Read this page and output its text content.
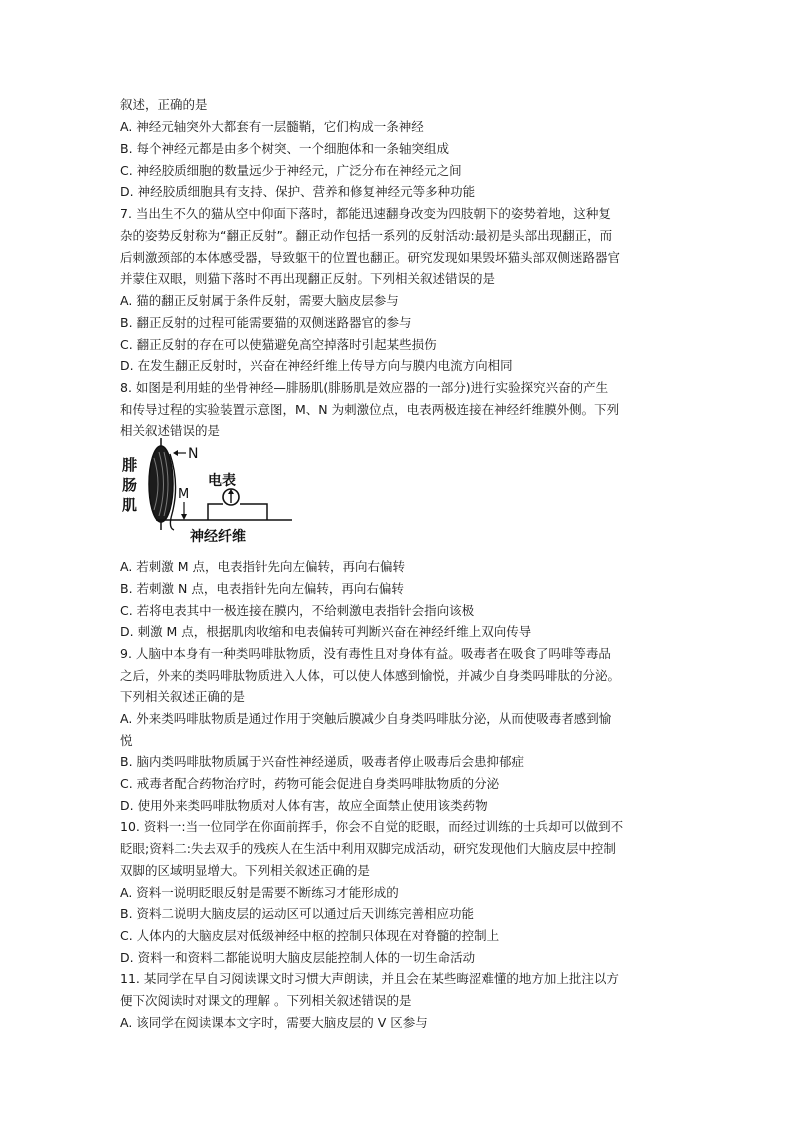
叙述，正确的是
A. 神经元轴突外大都套有一层髓鞘，它们构成一条神经
B. 每个神经元都是由多个树突、一个细胞体和一条轴突组成
C. 神经胶质细胞的数量远少于神经元，广泛分布在神经元之间
D. 神经胶质细胞具有支持、保护、营养和修复神经元等多种功能
7. 当出生不久的猫从空中仰面下落时，都能迅速翻身改变为四肢朝下的姿势着地，这种复
杂的姿势反射称为“翻正反射”。翻正动作包括一系列的反射活动:最初是头部出现翻正，而
后刺激颈部的本体感受器，导致躯干的位置也翻正。研究发现如果毁坏猫头部双侧迷路器官
并蒙住双眼，则猫下落时不再出现翻正反射。下列相关叙述错误的是
A. 猫的翻正反射属于条件反射，需要大脑皮层参与
B. 翻正反射的过程可能需要猫的双侧迷路器官的参与
C. 翻正反射的存在可以使猫避免高空掉落时引起某些损伤
D. 在发生翻正反射时，兴奋在神经纤维上传导方向与膜内电流方向相同
8. 如图是利用蛙的坐骨神经—腓肠肌(腓肠肌是效应器的一部分)进行实验探究兴奋的产生
和传导过程的实验装置示意图，M、N 为刺激位点，电表两极连接在神经纤维膜外侧。下列
相关叙述错误的是
A. 若刺激 M 点，电表指针先向左偏转，再向右偏转
B. 若刺激 N 点，电表指针先向左偏转，再向右偏转
C. 若将电表其中一极连接在膜内，不给刺激电表指针会指向该极
D. 刺激 M 点，根据肌肉收缩和电表偏转可判断兴奋在神经纤维上双向传导
9. 人脑中本身有一种类吗啡肽物质，没有毒性且对身体有益。吸毒者在吸食了吗啡等毒品
之后，外来的类吗啡肽物质进入人体，可以使人体感到愉悦，并减少自身类吗啡肽的分泌。
下列相关叙述正确的是
A. 外来类吗啡肽物质是通过作用于突触后膜减少自身类吗啡肽分泌，从而使吸毒者感到愉
悦
B. 脑内类吗啡肽物质属于兴奋性神经递质，吸毒者停止吸毒后会患抑郁症
C. 戒毒者配合药物治疗时，药物可能会促进自身类吗啡肽物质的分泌
D. 使用外来类吗啡肽物质对人体有害，故应全面禁止使用该类药物
10. 资料一:当一位同学在你面前挥手，你会不自觉的眨眼，而经过训练的士兵却可以做到不
眨眼;资料二:失去双手的残疾人在生活中利用双脚完成活动，研究发现他们大脑皮层中控制
双脚的区域明显增大。下列相关叙述正确的是
A. 资料一说明眨眼反射是需要不断练习才能形成的
B. 资料二说明大脑皮层的运动区可以通过后天训练完善相应功能
C. 人体内的大脑皮层对低级神经中枢的控制只体现在对脊髓的控制上
D. 资料一和资料二都能说明大脑皮层能控制人体的一切生命活动
11. 某同学在早自习阅读课文时习惯大声朗读，并且会在某些晦涩难懂的地方加上批注以方
便下次阅读时对课文的理解 。下列相关叙述错误的是
A. 该同学在阅读课本文字时，需要大脑皮层的 V 区参与
腓
肠
肌
N
M
电表
神经纤维
